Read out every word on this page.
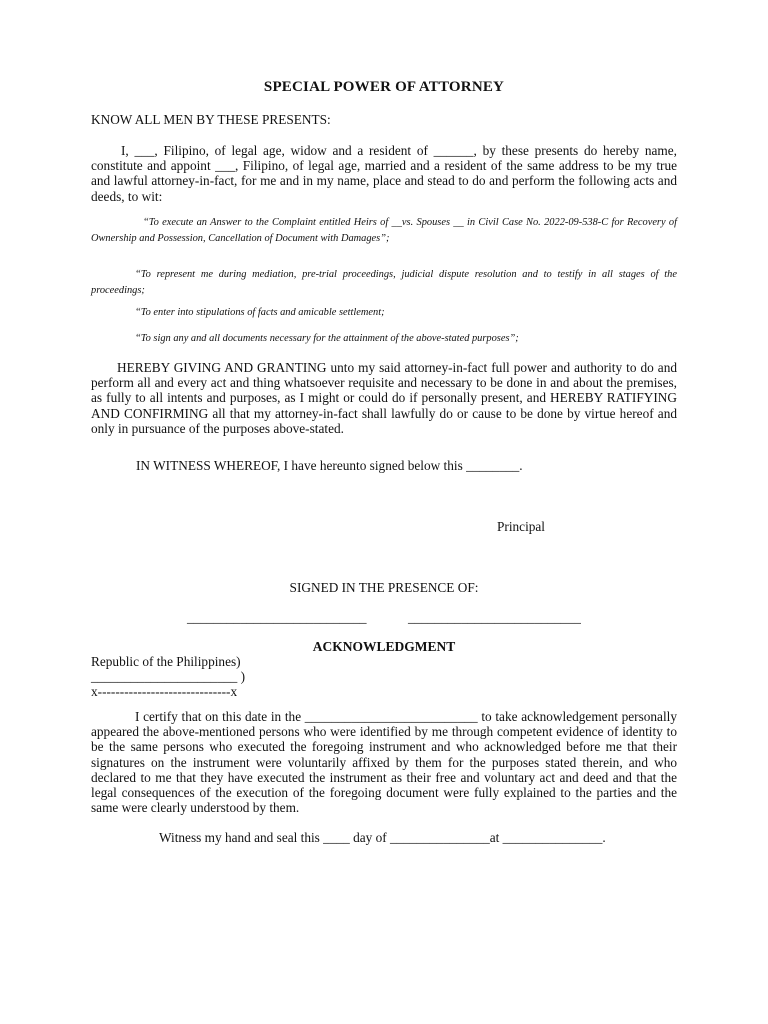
SPECIAL POWER OF ATTORNEY
KNOW ALL MEN BY THESE PRESENTS:
I, ___, Filipino, of legal age, widow and a resident of ______, by these presents do hereby name, constitute and appoint ___, Filipino, of legal age, married and a resident of the same address to be my true and lawful attorney-in-fact, for me and in my name, place and stead to do and perform the following acts and deeds, to wit:
“To execute an Answer to the Complaint entitled Heirs of __vs. Spouses __ in Civil Case No. 2022-09-538-C for Recovery of Ownership and Possession, Cancellation of Document with Damages”;
“To represent me during mediation, pre-trial proceedings, judicial dispute resolution and to testify in all stages of the proceedings;
“To enter into stipulations of facts and amicable settlement;
“To sign any and all documents necessary for the attainment of the above-stated purposes”;
HEREBY GIVING AND GRANTING unto my said attorney-in-fact full power and authority to do and perform all and every act and thing whatsoever requisite and necessary to be done in and about the premises, as fully to all intents and purposes, as I might or could do if personally present, and HEREBY RATIFYING AND CONFIRMING all that my attorney-in-fact shall lawfully do or cause to be done by virtue hereof and only in pursuance of the purposes above-stated.
IN WITNESS WHEREOF, I have hereunto signed below this ________.
Principal
SIGNED IN THE PRESENCE OF:
___________________________	__________________________
ACKNOWLEDGMENT
Republic of the Philippines)
______________________ )
x------------------------------x
I certify that on this date in the __________________________ to take acknowledgement personally appeared the above-mentioned persons who were identified by me through competent evidence of identity to be the same persons who executed the foregoing instrument and who acknowledged before me that their signatures on the instrument were voluntarily affixed by them for the purposes stated therein, and who declared to me that they have executed the instrument as their free and voluntary act and deed and that the legal consequences of the execution of the foregoing document were fully explained to the parties and the same were clearly understood by them.
Witness my hand and seal this ____ day of _______________at _______________.
